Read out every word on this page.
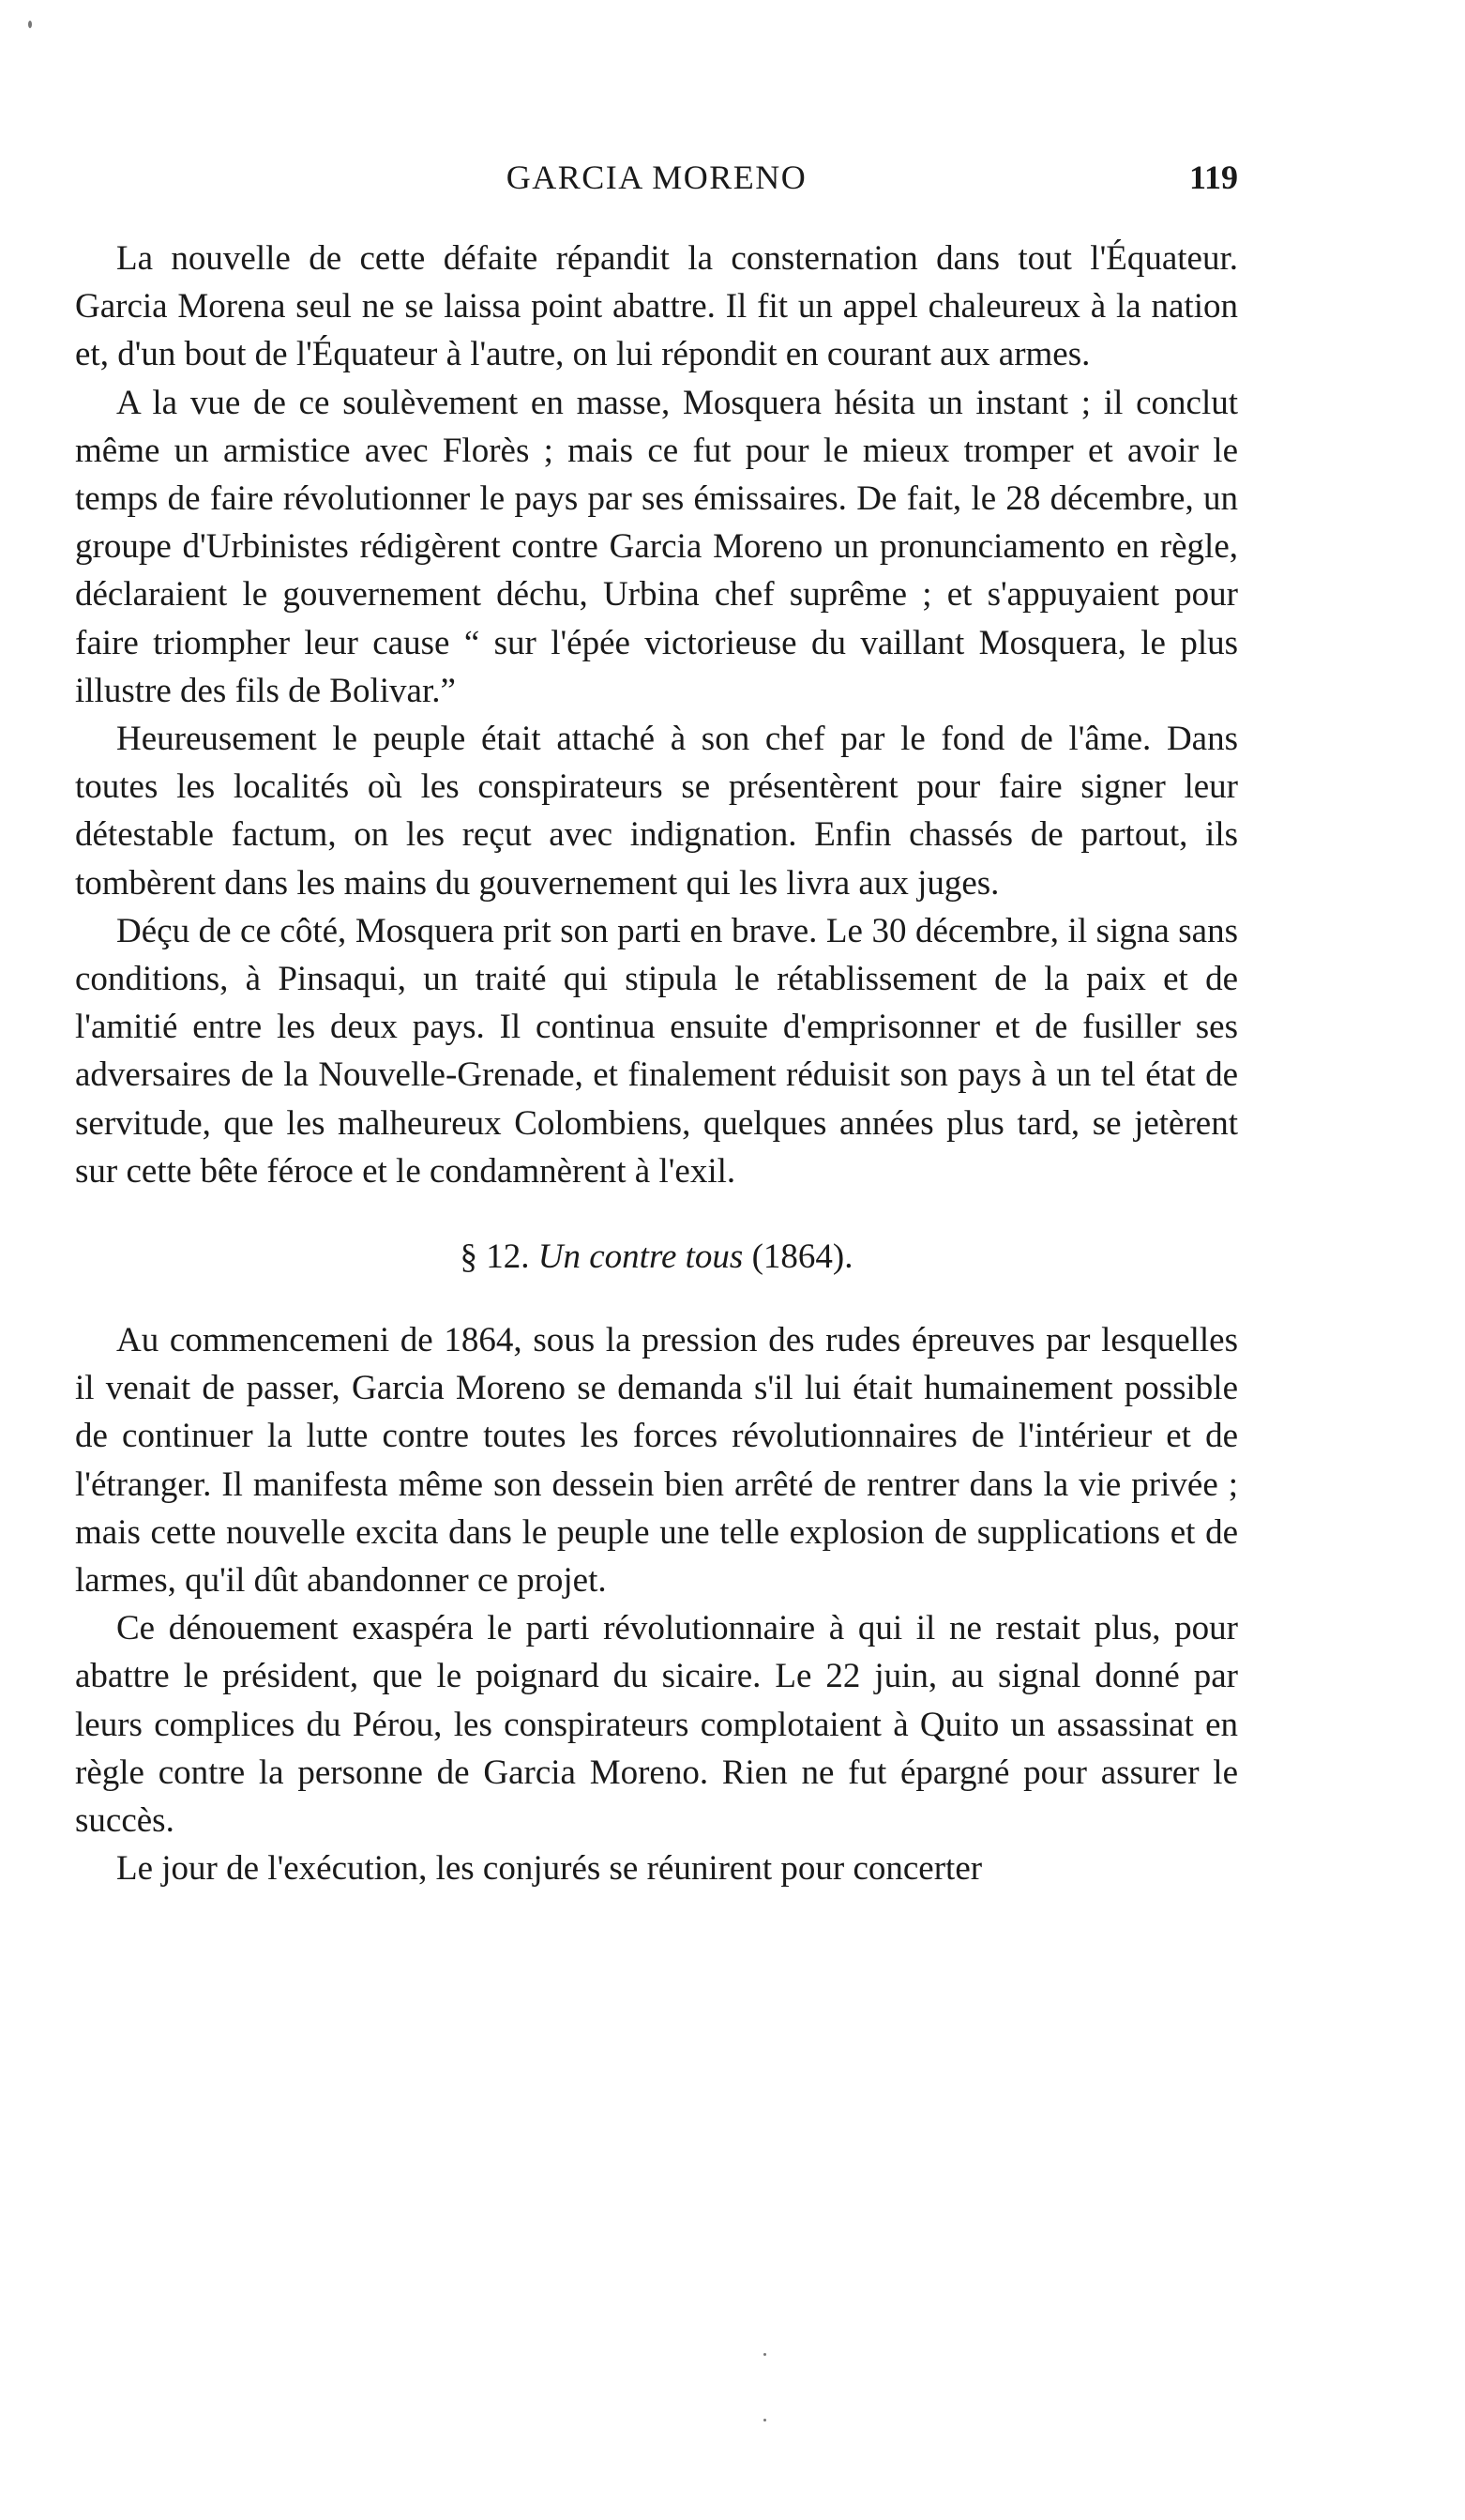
GARCIA MORENO	119

La nouvelle de cette défaite répandit la consternation dans tout l'Équateur. Garcia Morena seul ne se laissa point abattre. Il fit un appel chaleureux à la nation et, d'un bout de l'Équateur à l'autre, on lui répondit en courant aux armes.

A la vue de ce soulèvement en masse, Mosquera hésita un instant ; il conclut même un armistice avec Florès ; mais ce fut pour le mieux tromper et avoir le temps de faire révolutionner le pays par ses émissaires. De fait, le 28 décembre, un groupe d'Urbinistes rédigèrent contre Garcia Moreno un pronunciamento en règle, déclaraient le gouvernement déchu, Urbina chef suprême ; et s'appuyaient pour faire triompher leur cause “ sur l'épée victorieuse du vaillant Mosquera, le plus illustre des fils de Bolivar.”

Heureusement le peuple était attaché à son chef par le fond de l'âme. Dans toutes les localités où les conspirateurs se présentèrent pour faire signer leur détestable factum, on les reçut avec indignation. Enfin chassés de partout, ils tombèrent dans les mains du gouvernement qui les livra aux juges.

Déçu de ce côté, Mosquera prit son parti en brave. Le 30 décembre, il signa sans conditions, à Pinsaqui, un traité qui stipula le rétablissement de la paix et de l'amitié entre les deux pays. Il continua ensuite d'emprisonner et de fusiller ses adversaires de la Nouvelle-Grenade, et finalement réduisit son pays à un tel état de servitude, que les malheureux Colombiens, quelques années plus tard, se jetèrent sur cette bête féroce et le condamnèrent à l'exil.

§ 12. Un contre tous (1864).

Au commencemeni de 1864, sous la pression des rudes épreuves par lesquelles il venait de passer, Garcia Moreno se demanda s'il lui était humainement possible de continuer la lutte contre toutes les forces révolutionnaires de l'intérieur et de l'étranger. Il manifesta même son dessein bien arrêté de rentrer dans la vie privée ; mais cette nouvelle excita dans le peuple une telle explosion de supplications et de larmes, qu'il dût abandonner ce projet.

Ce dénouement exaspéra le parti révolutionnaire à qui il ne restait plus, pour abattre le président, que le poignard du sicaire. Le 22 juin, au signal donné par leurs complices du Pérou, les conspirateurs complotaient à Quito un assassinat en règle contre la personne de Garcia Moreno. Rien ne fut épargné pour assurer le succès.

Le jour de l'exécution, les conjurés se réunirent pour concerter
